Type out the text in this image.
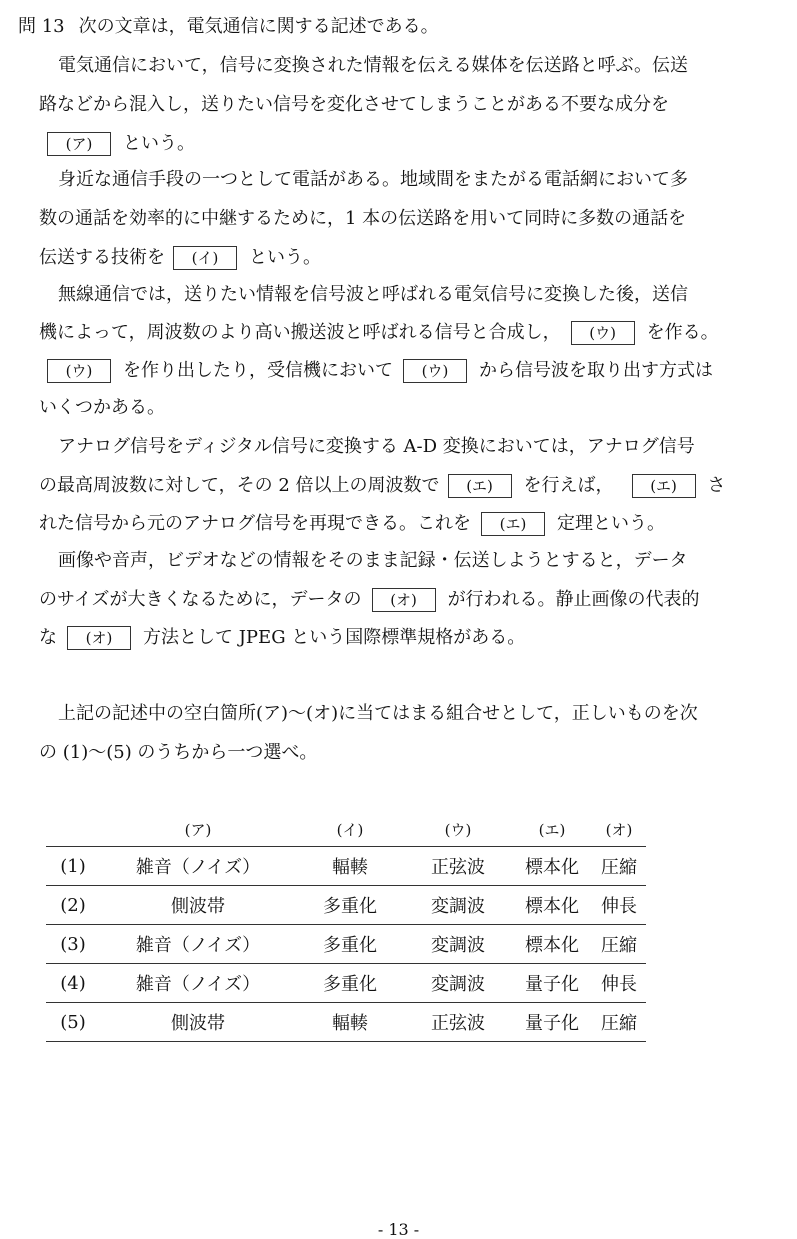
問 13 次の文章は，電気通信に関する記述である。
電気通信において，信号に変換された情報を伝える媒体を伝送路と呼ぶ。伝送
路などから混入し，送りたい信号を変化させてしまうことがある不要な成分を
(ア) という。
身近な通信手段の一つとして電話がある。地域間をまたがる電話網において多
数の通話を効率的に中継するために，1 本の伝送路を用いて同時に多数の通話を
伝送する技術を (イ) という。
無線通信では，送りたい情報を信号波と呼ばれる電気信号に変換した後，送信
機によって，周波数のより高い搬送波と呼ばれる信号と合成し， (ウ) を作る。
(ウ) を作り出したり，受信機において (ウ) から信号波を取り出す方式は
いくつかある。
アナログ信号をディジタル信号に変換する A-D 変換においては，アナログ信号
の最高周波数に対して，その 2 倍以上の周波数で (エ) を行えば， (エ) さ
れた信号から元のアナログ信号を再現できる。これを (エ) 定理という。
画像や音声，ビデオなどの情報をそのまま記録・伝送しようとすると，データ
のサイズが大きくなるために，データの (オ) が行われる。静止画像の代表的
な (オ) 方法として JPEG という国際標準規格がある。
上記の記述中の空白箇所(ア)～(オ)に当てはまる組合せとして，正しいものを次
の (1)～(5) のうちから一つ選べ。
	(ア)	(イ)	(ウ)	(エ)	(オ)
(1)	雑音（ノイズ）	輻輳	正弦波	標本化	圧縮
(2)	側波帯	多重化	変調波	標本化	伸長
(3)	雑音（ノイズ）	多重化	変調波	標本化	圧縮
(4)	雑音（ノイズ）	多重化	変調波	量子化	伸長
(5)	側波帯	輻輳	正弦波	量子化	圧縮
- 13 -
